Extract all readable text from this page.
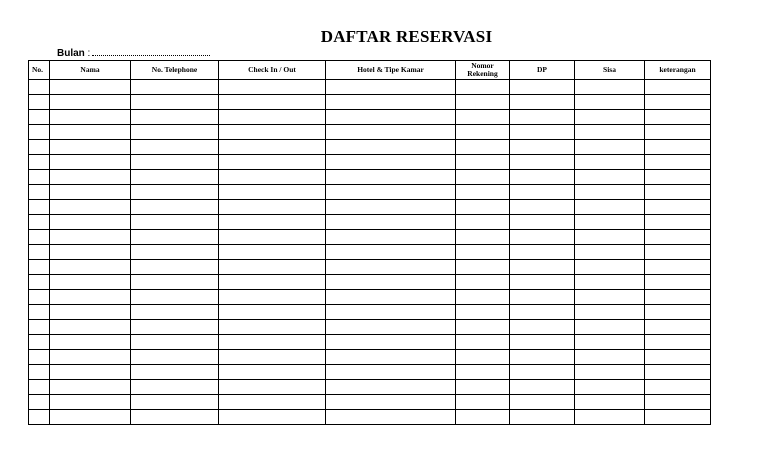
DAFTAR RESERVASI
Bulan :
No.	Nama	No. Telephone	Check In / Out	Hotel & Tipe Kamar	Nomor Rekening	DP	Sisa	keterangan
